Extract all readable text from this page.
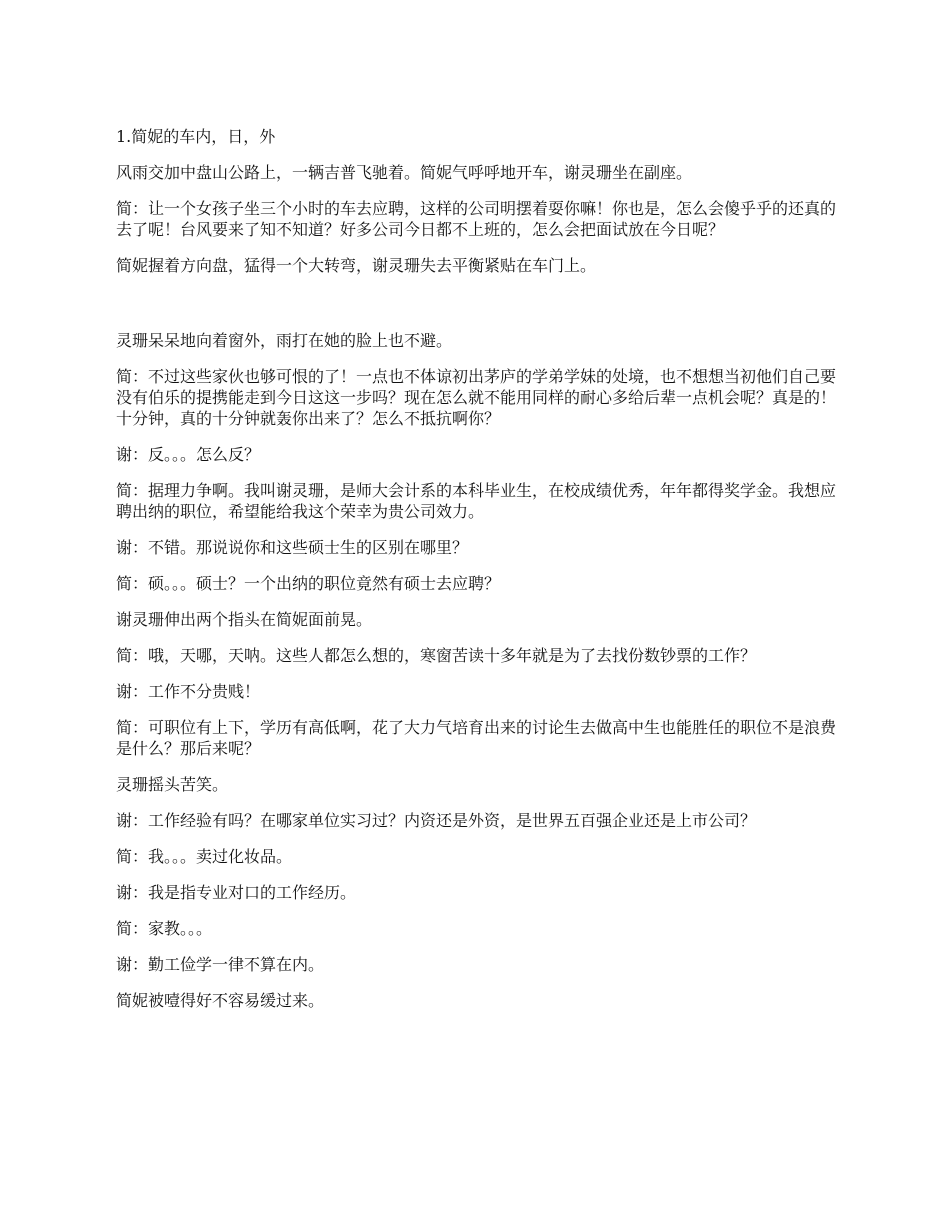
1.简妮的车内，日，外

风雨交加中盘山公路上，一辆吉普飞驰着。简妮气呼呼地开车，谢灵珊坐在副座。

简：让一个女孩子坐三个小时的车去应聘，这样的公司明摆着耍你嘛！你也是，怎么会傻乎乎的还真的去了呢！台风要来了知不知道？好多公司今日都不上班的，怎么会把面试放在今日呢？

简妮握着方向盘，猛得一个大转弯，谢灵珊失去平衡紧贴在车门上。

灵珊呆呆地向着窗外，雨打在她的脸上也不避。

简：不过这些家伙也够可恨的了！一点也不体谅初出茅庐的学弟学妹的处境，也不想想当初他们自己要没有伯乐的提携能走到今日这这一步吗？现在怎么就不能用同样的耐心多给后辈一点机会呢？真是的！十分钟，真的十分钟就轰你出来了？怎么不抵抗啊你？

谢：反。。。怎么反？

简：据理力争啊。我叫谢灵珊，是师大会计系的本科毕业生，在校成绩优秀，年年都得奖学金。我想应聘出纳的职位，希望能给我这个荣幸为贵公司效力。

谢：不错。那说说你和这些硕士生的区别在哪里？

简：硕。。。硕士？一个出纳的职位竟然有硕士去应聘？

谢灵珊伸出两个指头在简妮面前晃。

简：哦，天哪，天呐。这些人都怎么想的，寒窗苦读十多年就是为了去找份数钞票的工作？

谢：工作不分贵贱！

简：可职位有上下，学历有高低啊，花了大力气培育出来的讨论生去做高中生也能胜任的职位不是浪费是什么？那后来呢？

灵珊摇头苦笑。

谢：工作经验有吗？在哪家单位实习过？内资还是外资，是世界五百强企业还是上市公司？

简：我。。。卖过化妆品。

谢：我是指专业对口的工作经历。

简：家教。。。

谢：勤工俭学一律不算在内。

简妮被噎得好不容易缓过来。
